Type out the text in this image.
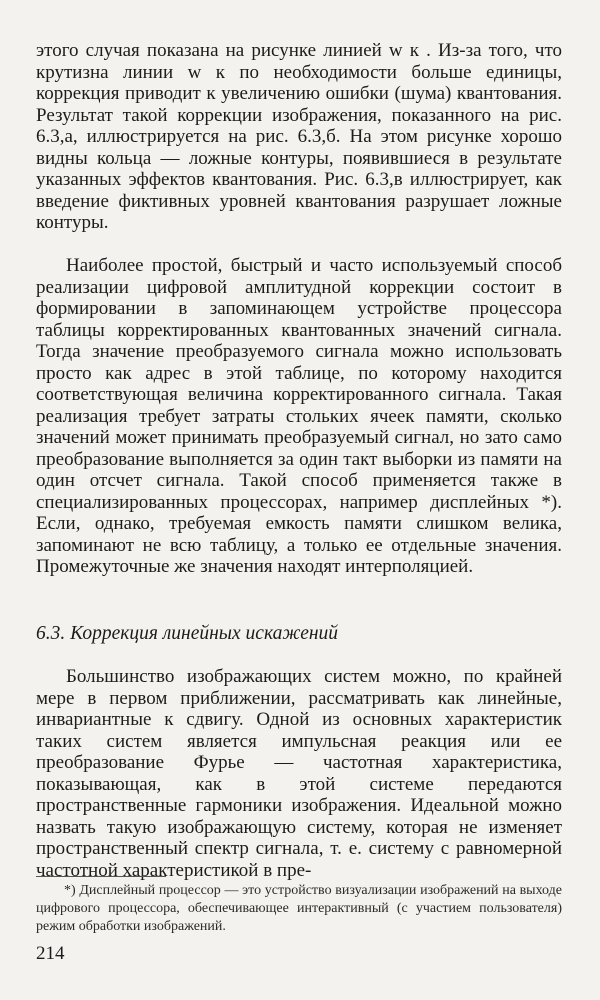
этого случая показана на рисунке линией w к . Из-за того, что крутизна линии w к по необходимости больше единицы, коррекция приводит к увеличению ошибки (шума) квантования. Результат такой коррекции изображения, показанного на рис. 6.3,а, иллюстрируется на рис. 6.3,б. На этом рисунке хорошо видны кольца — ложные контуры, появившиеся в результате указанных эффектов квантования. Рис. 6.3,в иллюстрирует, как введение фиктивных уровней квантования разрушает ложные контуры.

Наиболее простой, быстрый и часто используемый способ реализации цифровой амплитудной коррекции состоит в формировании в запоминающем устройстве процессора таблицы корректированных квантованных значений сигнала. Тогда значение преобразуемого сигнала можно использовать просто как адрес в этой таблице, по которому находится соответствующая величина корректированного сигнала. Такая реализация требует затраты стольких ячеек памяти, сколько значений может принимать преобразуемый сигнал, но зато само преобразование выполняется за один такт выборки из памяти на один отсчет сигнала. Такой способ применяется также в специализированных процессорах, например дисплейных *). Если, однако, требуемая емкость памяти слишком велика, запоминают не всю таблицу, а только ее отдельные значения. Промежуточные же значения находят интерполяцией.

6.3. Коррекция линейных искажений

Большинство изображающих систем можно, по крайней мере в первом приближении, рассматривать как линейные, инвариантные к сдвигу. Одной из основных характеристик таких систем является импульсная реакция или ее преобразование Фурье — частотная характеристика, показывающая, как в этой системе передаются пространственные гармоники изображения. Идеальной можно назвать такую изображающую систему, которая не изменяет пространственный спектр сигнала, т. е. систему с равномерной частотной характеристикой в пре-

*) Дисплейный процессор — это устройство визуализации изображений на выходе цифрового процессора, обеспечивающее интерактивный (с участием пользователя) режим обработки изображений.

214
